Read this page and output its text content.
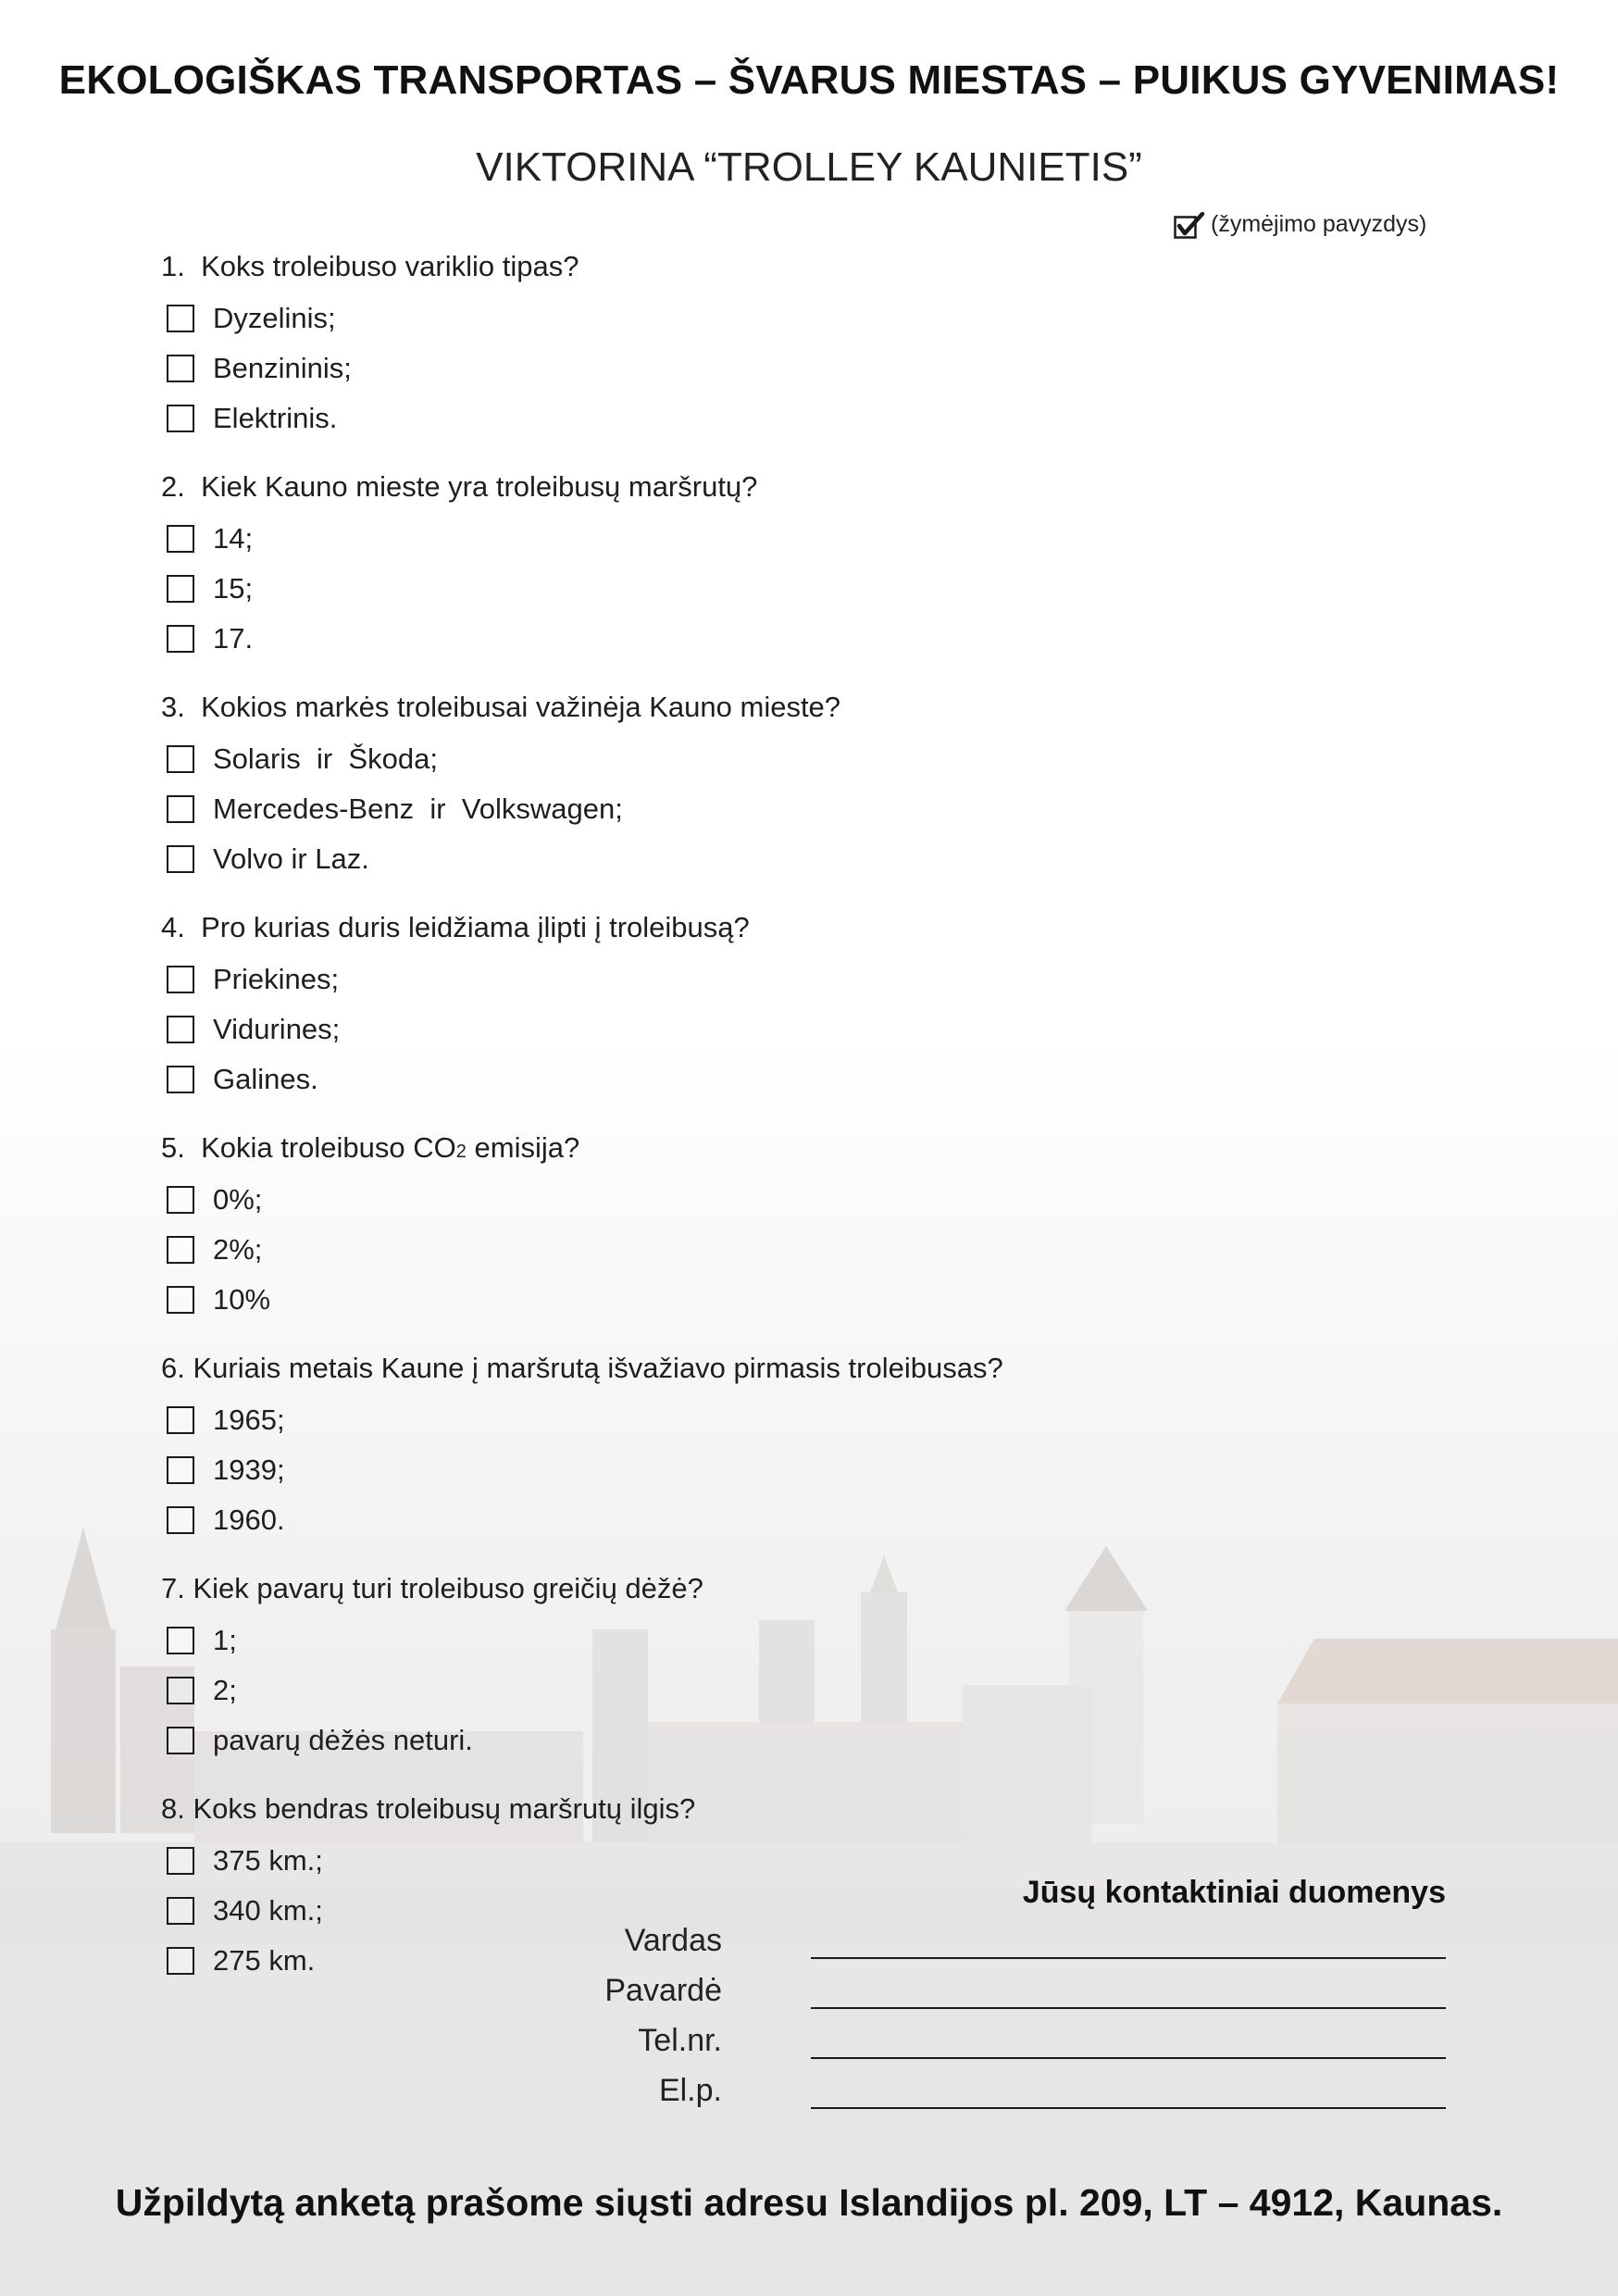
EKOLOGIŠKAS TRANSPORTAS – ŠVARUS MIESTAS – PUIKUS GYVENIMAS!
VIKTORINA “TROLLEY KAUNIETIS”
(žymėjimo pavyzdys)
1.  Koks troleibuso variklio tipas?
Dyzelinis;
Benzininis;
Elektrinis.
2.  Kiek Kauno mieste yra troleibusų maršrutų?
14;
15;
17.
3.  Kokios markės troleibusai važinėja Kauno mieste?
Solaris  ir  Škoda;
Mercedes-Benz  ir  Volkswagen;
Volvo ir Laz.
4.  Pro kurias duris leidžiama įlipti į troleibusą?
Priekines;
Vidurines;
Galines.
5.  Kokia troleibuso CO2 emisija?
0%;
2%;
10%
6. Kuriais metais Kaune į maršrutą išvažiavo pirmasis troleibusas?
1965;
1939;
1960.
7. Kiek pavarų turi troleibuso greičių dėžė?
1;
2;
pavarų dėžės neturi.
8. Koks bendras troleibusų maršrutų ilgis?
375 km.;
340 km.;
275 km.
Jūsų kontaktiniai duomenys
Vardas
Pavardė
Tel.nr.
El.p.
Užpildytą anketą prašome siųsti adresu Islandijos pl. 209, LT – 4912, Kaunas.
